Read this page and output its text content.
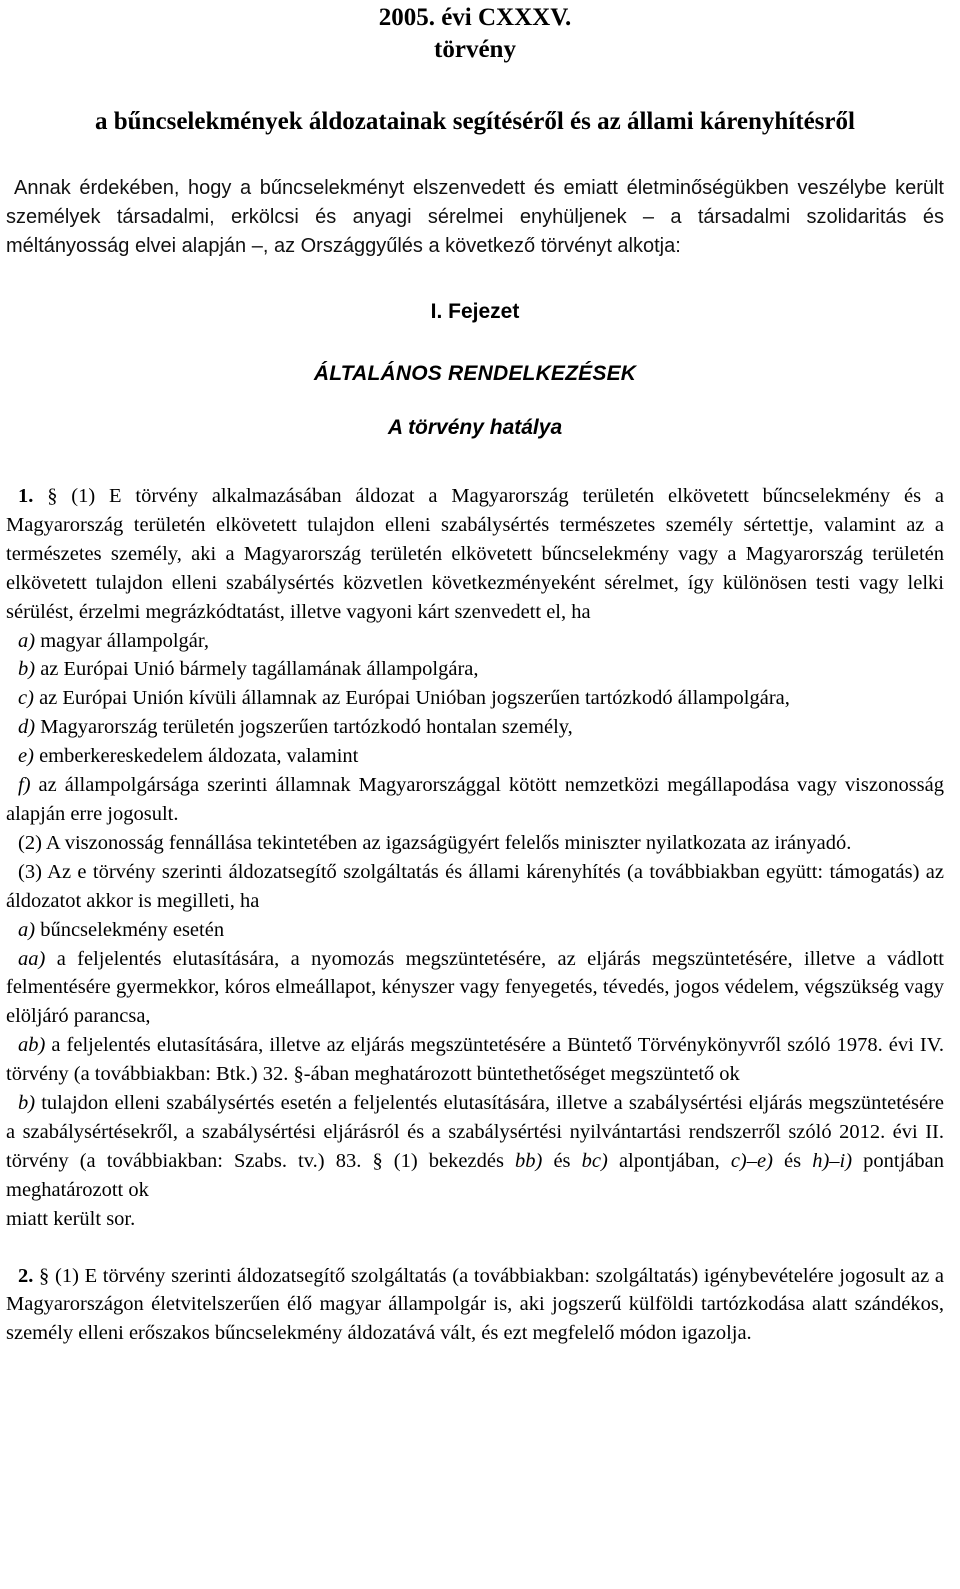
2005. évi CXXXV.
törvény
a bűncselekmények áldozatainak segítéséről és az állami kárenyhítésről
Annak érdekében, hogy a bűncselekményt elszenvedett és emiatt életminőségükben veszélybe került személyek társadalmi, erkölcsi és anyagi sérelmei enyhüljenek – a társadalmi szolidaritás és méltányosság elvei alapján –, az Országgyűlés a következő törvényt alkotja:
I. Fejezet
ÁLTALÁNOS RENDELKEZÉSEK
A törvény hatálya

1. § (1) E törvény alkalmazásában áldozat a Magyarország területén elkövetett bűncselekmény és a Magyarország területén elkövetett tulajdon elleni szabálysértés természetes személy sértettje, valamint az a természetes személy, aki a Magyarország területén elkövetett bűncselekmény vagy a Magyarország területén elkövetett tulajdon elleni szabálysértés közvetlen következményeként sérelmet, így különösen testi vagy lelki sérülést, érzelmi megrázkódtatást, illetve vagyoni kárt szenvedett el, ha

a) magyar állampolgár,

b) az Európai Unió bármely tagállamának állampolgára,

c) az Európai Unión kívüli államnak az Európai Unióban jogszerűen tartózkodó állampolgára,

d) Magyarország területén jogszerűen tartózkodó hontalan személy,

e) emberkereskedelem áldozata, valamint

f) az állampolgársága szerinti államnak Magyarországgal kötött nemzetközi megállapodása vagy viszonosság alapján erre jogosult.

(2) A viszonosság fennállása tekintetében az igazságügyért felelős miniszter nyilatkozata az irányadó.

(3) Az e törvény szerinti áldozatsegítő szolgáltatás és állami kárenyhítés (a továbbiakban együtt: támogatás) az áldozatot akkor is megilleti, ha

a) bűncselekmény esetén

aa) a feljelentés elutasítására, a nyomozás megszüntetésére, az eljárás megszüntetésére, illetve a vádlott felmentésére gyermekkor, kóros elmeállapot, kényszer vagy fenyegetés, tévedés, jogos védelem, végszükség vagy elöljáró parancsa,

ab) a feljelentés elutasítására, illetve az eljárás megszüntetésére a Büntető Törvénykönyvről szóló 1978. évi IV. törvény (a továbbiakban: Btk.) 32. §-ában meghatározott büntethetőséget megszüntető ok

b) tulajdon elleni szabálysértés esetén a feljelentés elutasítására, illetve a szabálysértési eljárás megszüntetésére a szabálysértésekről, a szabálysértési eljárásról és a szabálysértési nyilvántartási rendszerről szóló 2012. évi II. törvény (a továbbiakban: Szabs. tv.) 83. § (1) bekezdés bb) és bc) alpontjában, c)–e) és h)–i) pontjában meghatározott ok

miatt került sor.

2. § (1) E törvény szerinti áldozatsegítő szolgáltatás (a továbbiakban: szolgáltatás) igénybevételére jogosult az a Magyarországon életvitelszerűen élő magyar állampolgár is, aki jogszerű külföldi tartózkodása alatt szándékos, személy elleni erőszakos bűncselekmény áldozatává vált, és ezt megfelelő módon igazolja.
